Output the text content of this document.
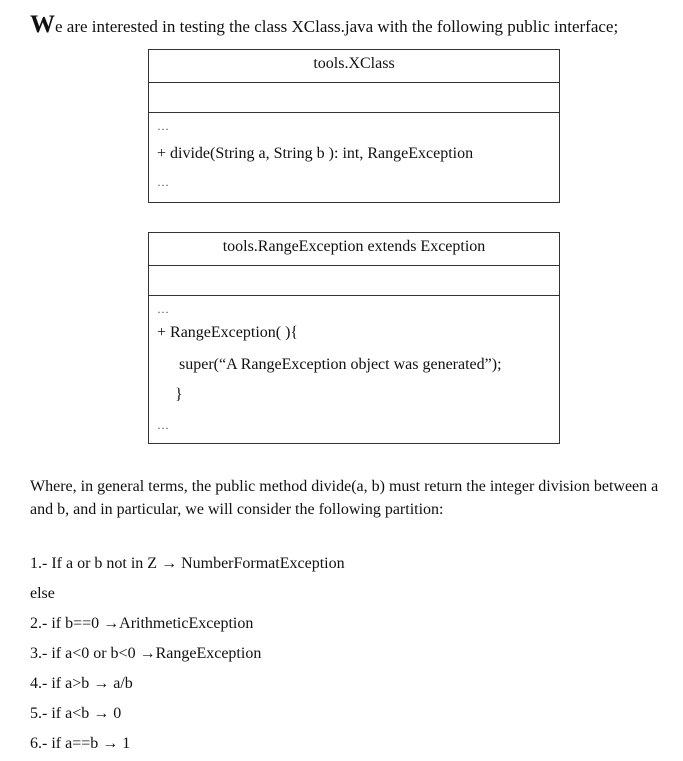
We are interested in testing the class XClass.java with the following public interface;
tools.XClass
…
+ divide(String a, String b ): int, RangeException
…
tools.RangeException extends Exception
…
+ RangeException( ){
super(“A RangeException object was generated”);
}
…
Where, in general terms, the public method divide(a, b) must return the integer division between a and b, and in particular, we will consider the following partition:
1.- If a or b not in Z → NumberFormatException
else
2.- if b==0 →ArithmeticException
3.- if a<0 or b<0 →RangeException
4.- if a>b → a/b
5.- if a<b → 0
6.- if a==b → 1
